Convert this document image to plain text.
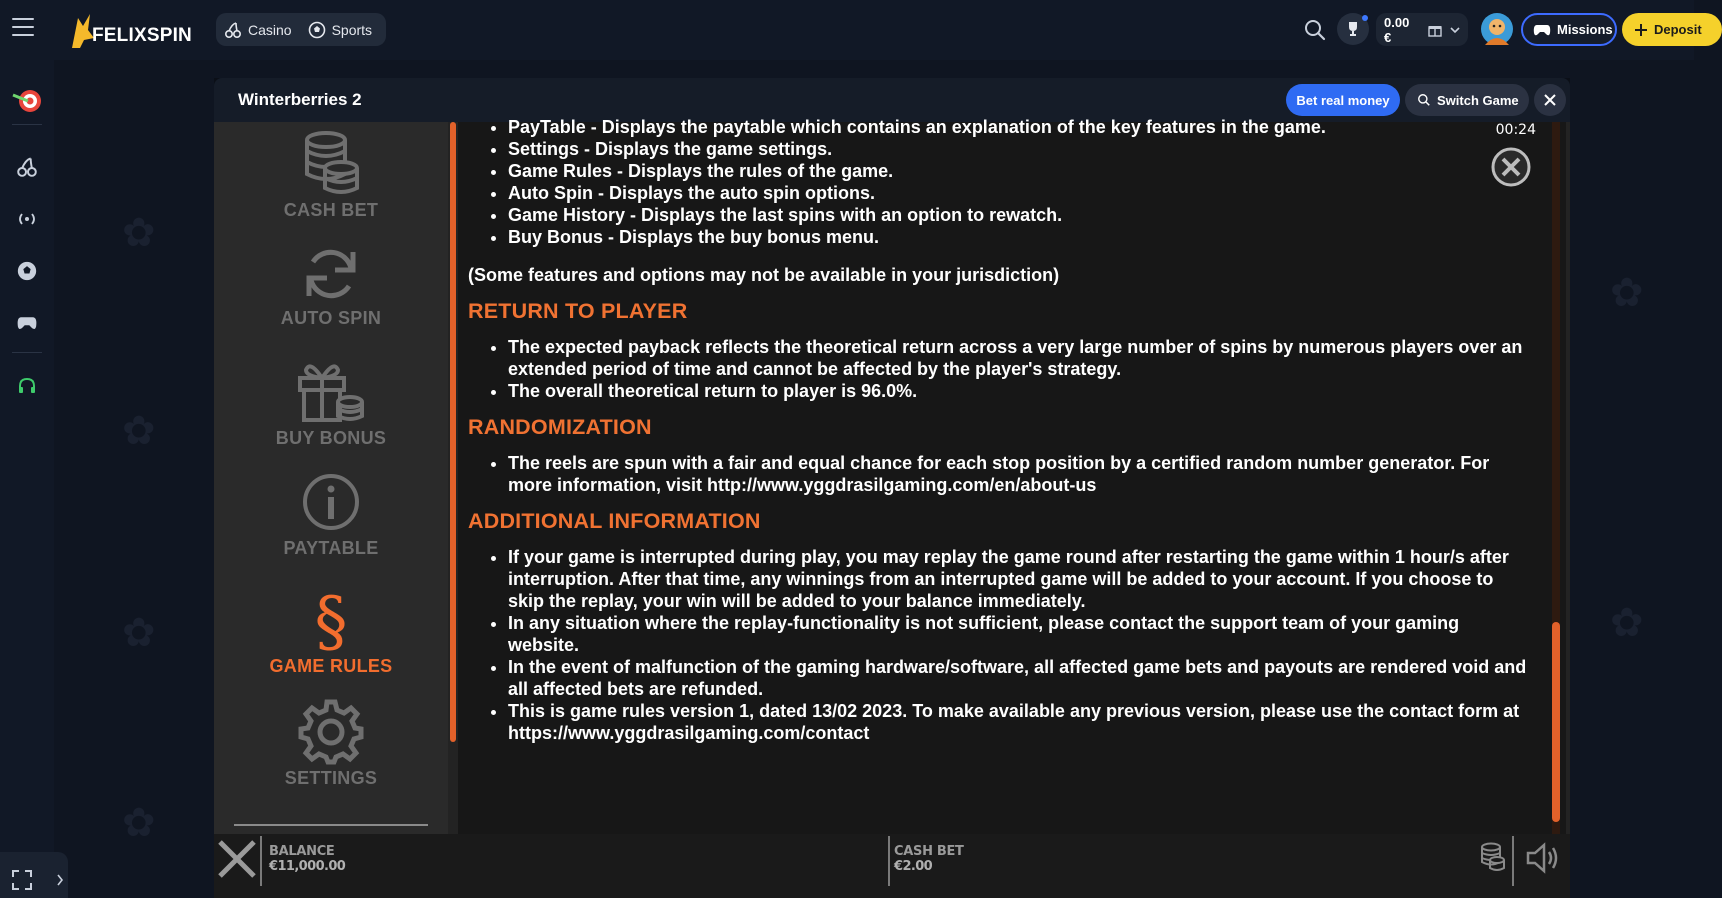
FELIXSPIN	Casino	Sports	0.00 €	Missions	Deposit
✿
✿
✿
✿
✿
✿
Winterberries 2	Bet real money	Switch Game
CASH BET
AUTO SPIN
BUY BONUS
PAYTABLE
§
GAME RULES
SETTINGS
• PayTable - Displays the paytable which contains an explanation of the key features in the game.
• Settings - Displays the game settings.
• Game Rules - Displays the rules of the game.
• Auto Spin - Displays the auto spin options.
• Game History - Displays the last spins with an option to rewatch.
• Buy Bonus - Displays the buy bonus menu.

(Some features and options may not be available in your jurisdiction)

RETURN TO PLAYER
• The expected payback reflects the theoretical return across a very large number of spins by numerous players over an extended period of time and cannot be affected by the player's strategy.
• The overall theoretical return to player is 96.0%.
RANDOMIZATION
• The reels are spun with a fair and equal chance for each stop position by a certified random number generator. For more information, visit http://www.yggdrasilgaming.com/en/about-us
ADDITIONAL INFORMATION
• If your game is interrupted during play, you may replay the game round after restarting the game within 1 hour/s after interruption. After that time, any winnings from an interrupted game will be added to your account. If you choose to skip the replay, your win will be added to your balance immediately.
• In any situation where the replay-functionality is not sufficient, please contact the support team of your gaming website.
• In the event of malfunction of the gaming hardware/software, all affected game bets and payouts are rendered void and all affected bets are refunded.
• This is game rules version 1, dated 13/02 2023. To make available any previous version, please use the contact form at https://www.yggdrasilgaming.com/contact
00:24
BALANCE
€11,000.00
CASH BET
€2.00
